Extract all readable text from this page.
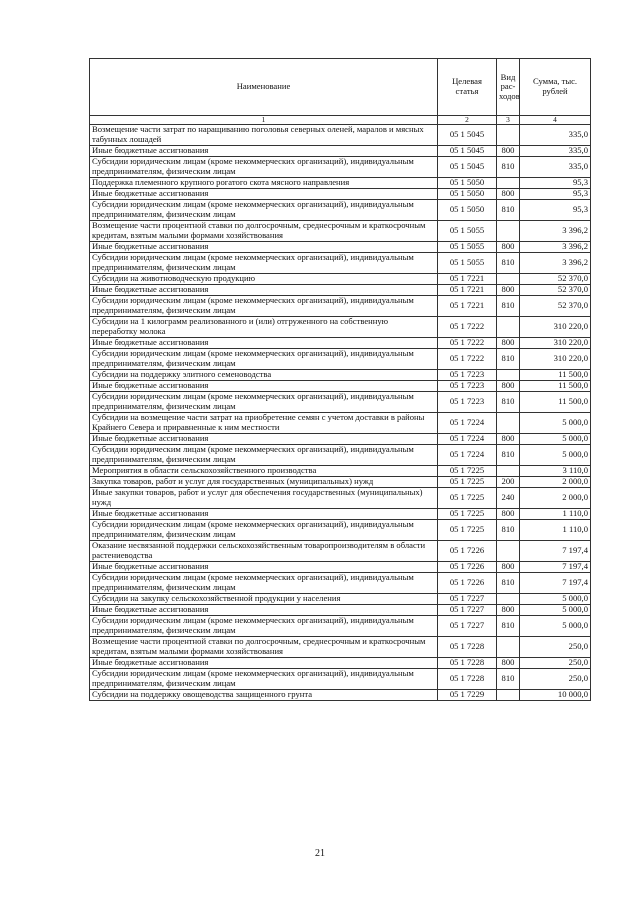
Наименование	Целевая статья	Вид рас-ходов	Сумма, тыс. рублей
1	2	3	4
Возмещение части затрат по наращиванию поголовья северных оленей, маралов и мясных табунных лошадей	05 1 5045		335,0
Иные бюджетные ассигнования	05 1 5045	800	335,0
Субсидии юридическим лицам (кроме некоммерческих организаций), индивидуальным предпринимателям, физическим лицам	05 1 5045	810	335,0
Поддержка племенного крупного рогатого скота мясного направления	05 1 5050		95,3
Иные бюджетные ассигнования	05 1 5050	800	95,3
Субсидии юридическим лицам (кроме некоммерческих организаций), индивидуальным предпринимателям, физическим лицам	05 1 5050	810	95,3
Возмещение части процентной ставки по долгосрочным, среднесрочным и краткосрочным кредитам, взятым малыми формами хозяйствования	05 1 5055		3 396,2
Иные бюджетные ассигнования	05 1 5055	800	3 396,2
Субсидии юридическим лицам (кроме некоммерческих организаций), индивидуальным предпринимателям, физическим лицам	05 1 5055	810	3 396,2
Субсидии на животноводческую продукцию	05 1 7221		52 370,0
Иные бюджетные ассигнования	05 1 7221	800	52 370,0
Субсидии юридическим лицам (кроме некоммерческих организаций), индивидуальным предпринимателям, физическим лицам	05 1 7221	810	52 370,0
Субсидии на 1 килограмм реализованного и (или) отгруженного на собственную переработку молока	05 1 7222		310 220,0
Иные бюджетные ассигнования	05 1 7222	800	310 220,0
Субсидии юридическим лицам (кроме некоммерческих организаций), индивидуальным предпринимателям, физическим лицам	05 1 7222	810	310 220,0
Субсидии на поддержку элитного семеноводства	05 1 7223		11 500,0
Иные бюджетные ассигнования	05 1 7223	800	11 500,0
Субсидии юридическим лицам (кроме некоммерческих организаций), индивидуальным предпринимателям, физическим лицам	05 1 7223	810	11 500,0
Субсидии на возмещение части затрат на приобретение семян с учетом доставки в районы Крайнего Севера и приравненные к ним местности	05 1 7224		5 000,0
Иные бюджетные ассигнования	05 1 7224	800	5 000,0
Субсидии юридическим лицам (кроме некоммерческих организаций), индивидуальным предпринимателям, физическим лицам	05 1 7224	810	5 000,0
Мероприятия в области сельскохозяйственного производства	05 1 7225		3 110,0
Закупка товаров, работ и услуг для государственных (муниципальных) нужд	05 1 7225	200	2 000,0
Иные закупки товаров, работ и услуг для обеспечения государственных (муниципальных) нужд	05 1 7225	240	2 000,0
Иные бюджетные ассигнования	05 1 7225	800	1 110,0
Субсидии юридическим лицам (кроме некоммерческих организаций), индивидуальным предпринимателям, физическим лицам	05 1 7225	810	1 110,0
Оказание несвязанной поддержки сельскохозяйственным товаропроизводителям в области растениеводства	05 1 7226		7 197,4
Иные бюджетные ассигнования	05 1 7226	800	7 197,4
Субсидии юридическим лицам (кроме некоммерческих организаций), индивидуальным предпринимателям, физическим лицам	05 1 7226	810	7 197,4
Субсидии на закупку сельскохозяйственной продукции у населения	05 1 7227		5 000,0
Иные бюджетные ассигнования	05 1 7227	800	5 000,0
Субсидии юридическим лицам (кроме некоммерческих организаций), индивидуальным предпринимателям, физическим лицам	05 1 7227	810	5 000,0
Возмещение части процентной ставки по долгосрочным, среднесрочным и краткосрочным кредитам, взятым малыми формами хозяйствования	05 1 7228		250,0
Иные бюджетные ассигнования	05 1 7228	800	250,0
Субсидии юридическим лицам (кроме некоммерческих организаций), индивидуальным предпринимателям, физическим лицам	05 1 7228	810	250,0
Субсидии на поддержку овощеводства защищенного грунта	05 1 7229		10 000,0
21
